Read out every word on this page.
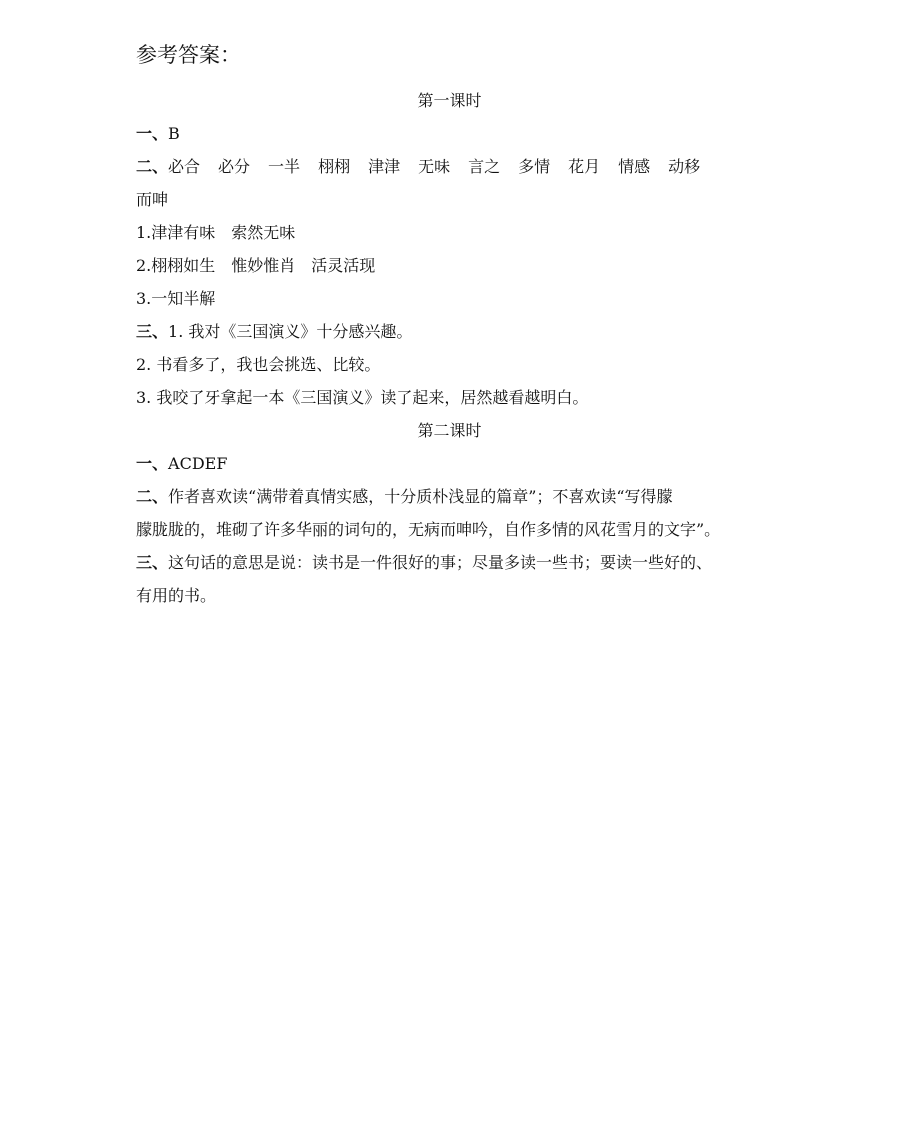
参考答案：
第一课时
一、B
二、必合 必分 一半 栩栩 津津 无味 言之 多情 花月 情感 动移
而呻
1.津津有味　索然无味
2.栩栩如生　惟妙惟肖　活灵活现
3.一知半解
三、1. 我对《三国演义》十分感兴趣。
2. 书看多了，我也会挑选、比较。
3. 我咬了牙拿起一本《三国演义》读了起来，居然越看越明白。
第二课时
一、ACDEF
二、作者喜欢读“满带着真情实感，十分质朴浅显的篇章”；不喜欢读“写得朦
朦胧胧的，堆砌了许多华丽的词句的，无病而呻吟，自作多情的风花雪月的文字”。
三、这句话的意思是说：读书是一件很好的事；尽量多读一些书；要读一些好的、
有用的书。
